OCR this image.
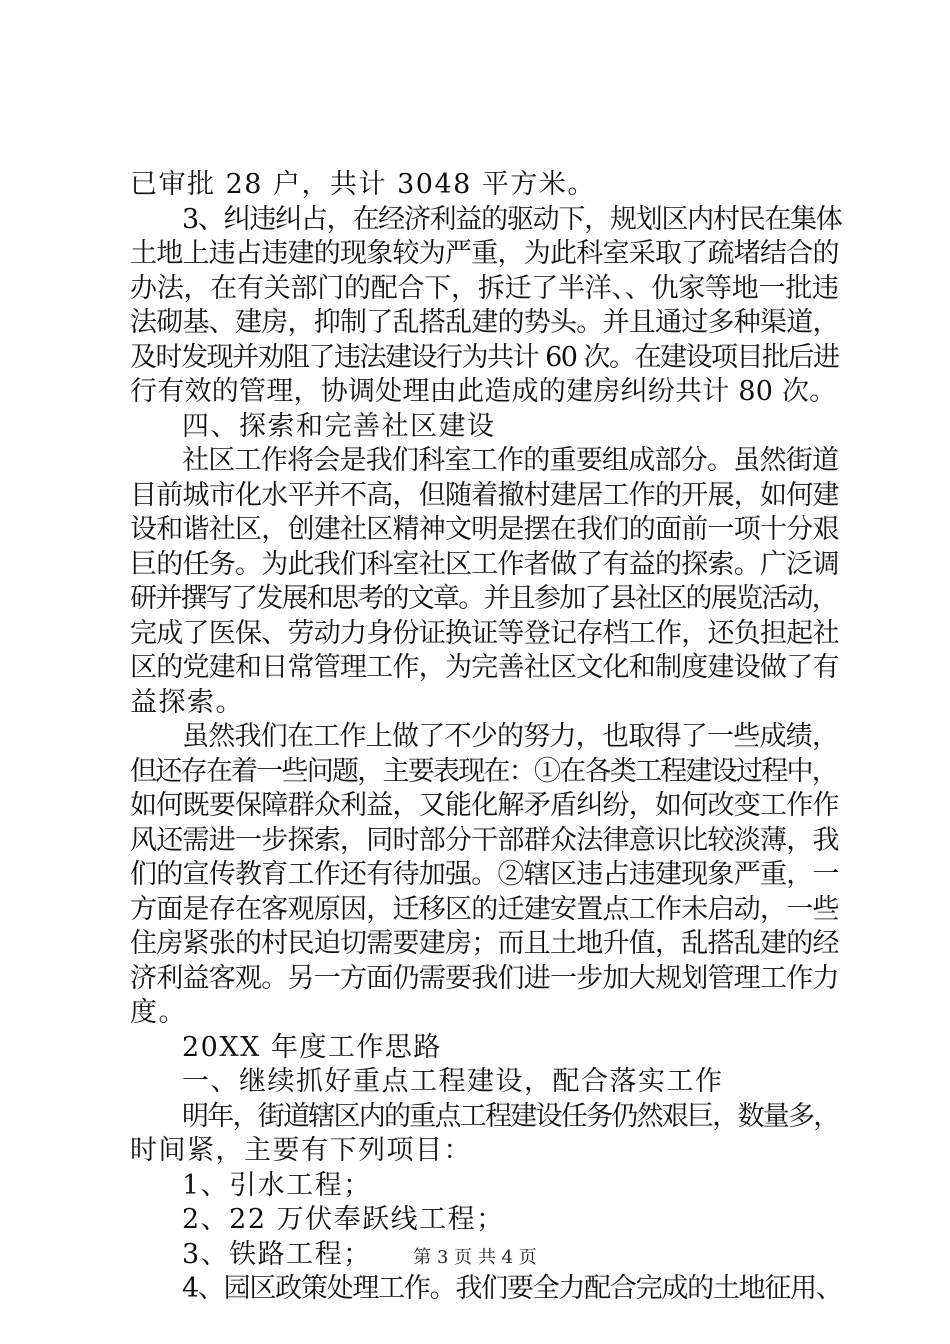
已审批 28 户，共计 3048 平方米。
3、纠违纠占，在经济利益的驱动下，规划区内村民在集体
土地上违占违建的现象较为严重，为此科室采取了疏堵结合的
办法，在有关部门的配合下，拆迁了半洋、、仇家等地一批违
法砌基、建房，抑制了乱搭乱建的势头。并且通过多种渠道，
及时发现并劝阻了违法建设行为共计 60 次。在建设项目批后进
行有效的管理，协调处理由此造成的建房纠纷共计 80 次。
四、探索和完善社区建设
社区工作将会是我们科室工作的重要组成部分。虽然街道
目前城市化水平并不高，但随着撤村建居工作的开展，如何建
设和谐社区，创建社区精神文明是摆在我们的面前一项十分艰
巨的任务。为此我们科室社区工作者做了有益的探索。广泛调
研并撰写了发展和思考的文章。并且参加了县社区的展览活动，
完成了医保、劳动力身份证换证等登记存档工作，还负担起社
区的党建和日常管理工作，为完善社区文化和制度建设做了有
益探索。
虽然我们在工作上做了不少的努力，也取得了一些成绩，
但还存在着一些问题，主要表现在：①在各类工程建设过程中，
如何既要保障群众利益，又能化解矛盾纠纷，如何改变工作作
风还需进一步探索，同时部分干部群众法律意识比较淡薄，我
们的宣传教育工作还有待加强。②辖区违占违建现象严重，一
方面是存在客观原因，迁移区的迁建安置点工作未启动，一些
住房紧张的村民迫切需要建房；而且土地升值，乱搭乱建的经
济利益客观。另一方面仍需要我们进一步加大规划管理工作力
度。
20XX 年度工作思路
一、继续抓好重点工程建设，配合落实工作
明年，街道辖区内的重点工程建设任务仍然艰巨，数量多，
时间紧，主要有下列项目：
1、引水工程；
2、22 万伏奉跃线工程；
3、铁路工程；
4、园区政策处理工作。我们要全力配合完成的土地征用、
第 3 页 共 4 页
